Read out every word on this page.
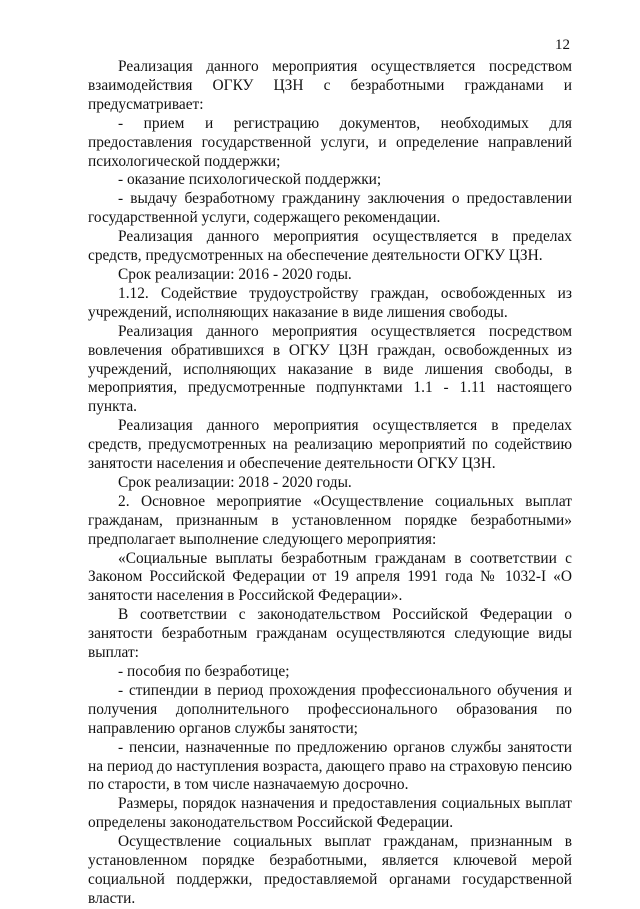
12

Реализация данного мероприятия осуществляется посредством взаимодействия ОГКУ ЦЗН с безработными гражданами и предусматривает:

- прием и регистрацию документов, необходимых для предоставления государственной услуги, и определение направлений психологической поддержки;

- оказание психологической поддержки;

- выдачу безработному гражданину заключения о предоставлении государственной услуги, содержащего рекомендации.

Реализация данного мероприятия осуществляется в пределах средств, предусмотренных на обеспечение деятельности ОГКУ ЦЗН.

Срок реализации: 2016 - 2020 годы.

1.12. Содействие трудоустройству граждан, освобожденных из учреждений, исполняющих наказание в виде лишения свободы.

Реализация данного мероприятия осуществляется посредством вовлечения обратившихся в ОГКУ ЦЗН граждан, освобожденных из учреждений, исполняющих наказание в виде лишения свободы, в мероприятия, предусмотренные подпунктами 1.1 - 1.11 настоящего пункта.

Реализация данного мероприятия осуществляется в пределах средств, предусмотренных на реализацию мероприятий по содействию занятости населения и обеспечение деятельности ОГКУ ЦЗН.

Срок реализации: 2018 - 2020 годы.

2. Основное мероприятие «Осуществление социальных выплат гражданам, признанным в установленном порядке безработными» предполагает выполнение следующего мероприятия:

«Социальные выплаты безработным гражданам в соответствии с Законом Российской Федерации от 19 апреля 1991 года № 1032-I «О занятости населения в Российской Федерации».

В соответствии с законодательством Российской Федерации о занятости безработным гражданам осуществляются следующие виды выплат:

- пособия по безработице;

- стипендии в период прохождения профессионального обучения и получения дополнительного профессионального образования по направлению органов службы занятости;

- пенсии, назначенные по предложению органов службы занятости на период до наступления возраста, дающего право на страховую пенсию по старости, в том числе назначаемую досрочно.

Размеры, порядок назначения и предоставления социальных выплат определены законодательством Российской Федерации.

Осуществление социальных выплат гражданам, признанным в установленном порядке безработными, является ключевой мерой социальной поддержки, предоставляемой органами государственной власти.
